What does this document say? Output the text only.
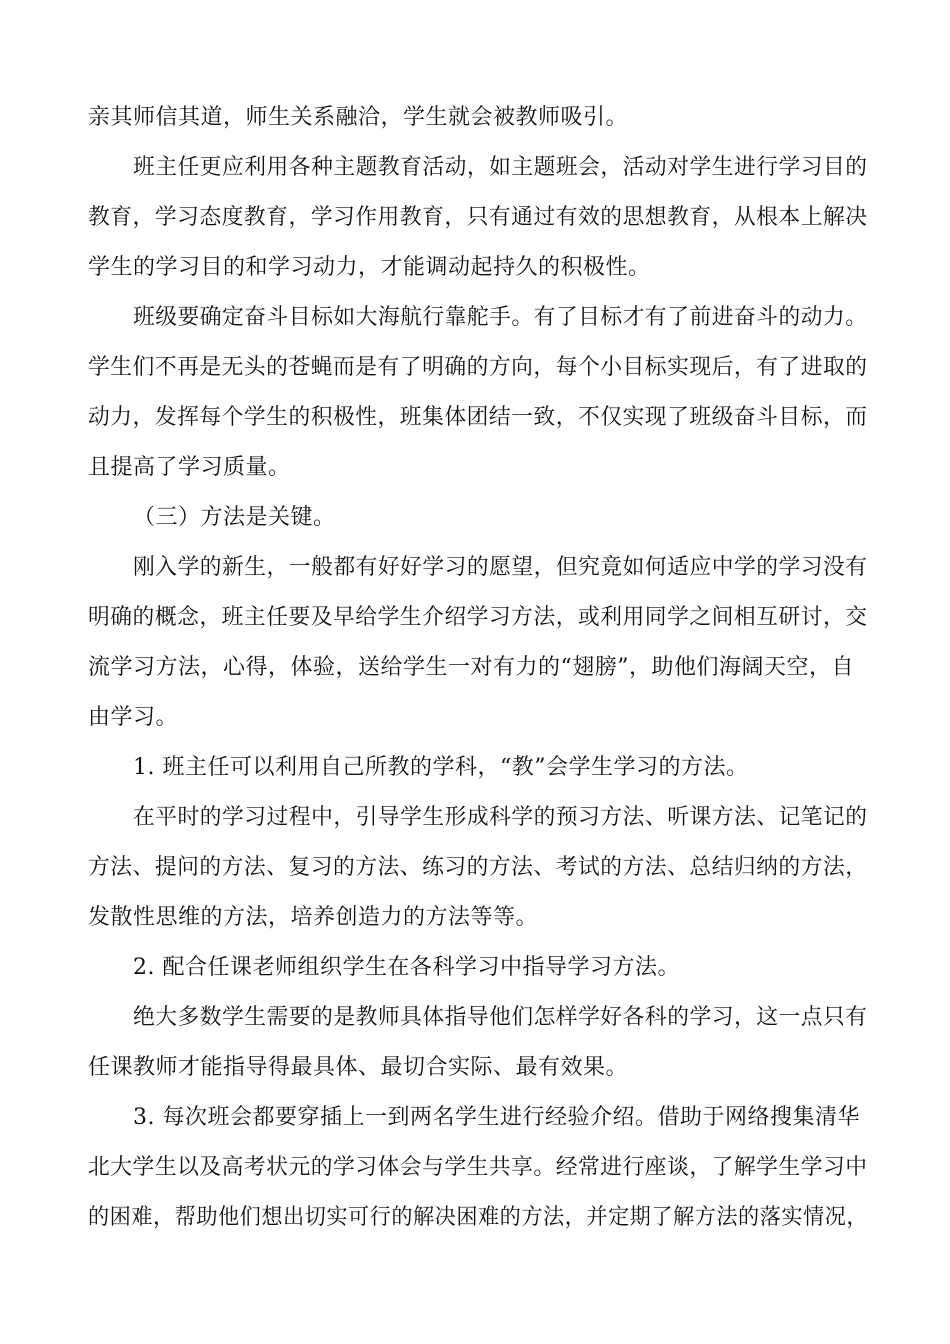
亲其师信其道，师生关系融洽，学生就会被教师吸引。
班主任更应利用各种主题教育活动，如主题班会，活动对学生进行学习目的
教育，学习态度教育，学习作用教育，只有通过有效的思想教育，从根本上解决
学生的学习目的和学习动力，才能调动起持久的积极性。
班级要确定奋斗目标如大海航行靠舵手。有了目标才有了前进奋斗的动力。
学生们不再是无头的苍蝇而是有了明确的方向，每个小目标实现后，有了进取的
动力，发挥每个学生的积极性，班集体团结一致，不仅实现了班级奋斗目标，而
且提高了学习质量。
（三）方法是关键。
刚入学的新生，一般都有好好学习的愿望，但究竟如何适应中学的学习没有
明确的概念，班主任要及早给学生介绍学习方法，或利用同学之间相互研讨，交
流学习方法，心得，体验，送给学生一对有力的“翅膀”，助他们海阔天空，自
由学习。
1. 班主任可以利用自己所教的学科，“教”会学生学习的方法。
在平时的学习过程中，引导学生形成科学的预习方法、听课方法、记笔记的
方法、提问的方法、复习的方法、练习的方法、考试的方法、总结归纳的方法，
发散性思维的方法，培养创造力的方法等等。
2. 配合任课老师组织学生在各科学习中指导学习方法。
绝大多数学生需要的是教师具体指导他们怎样学好各科的学习，这一点只有
任课教师才能指导得最具体、最切合实际、最有效果。
3. 每次班会都要穿插上一到两名学生进行经验介绍。借助于网络搜集清华
北大学生以及高考状元的学习体会与学生共享。经常进行座谈，了解学生学习中
的困难，帮助他们想出切实可行的解决困难的方法，并定期了解方法的落实情况，
